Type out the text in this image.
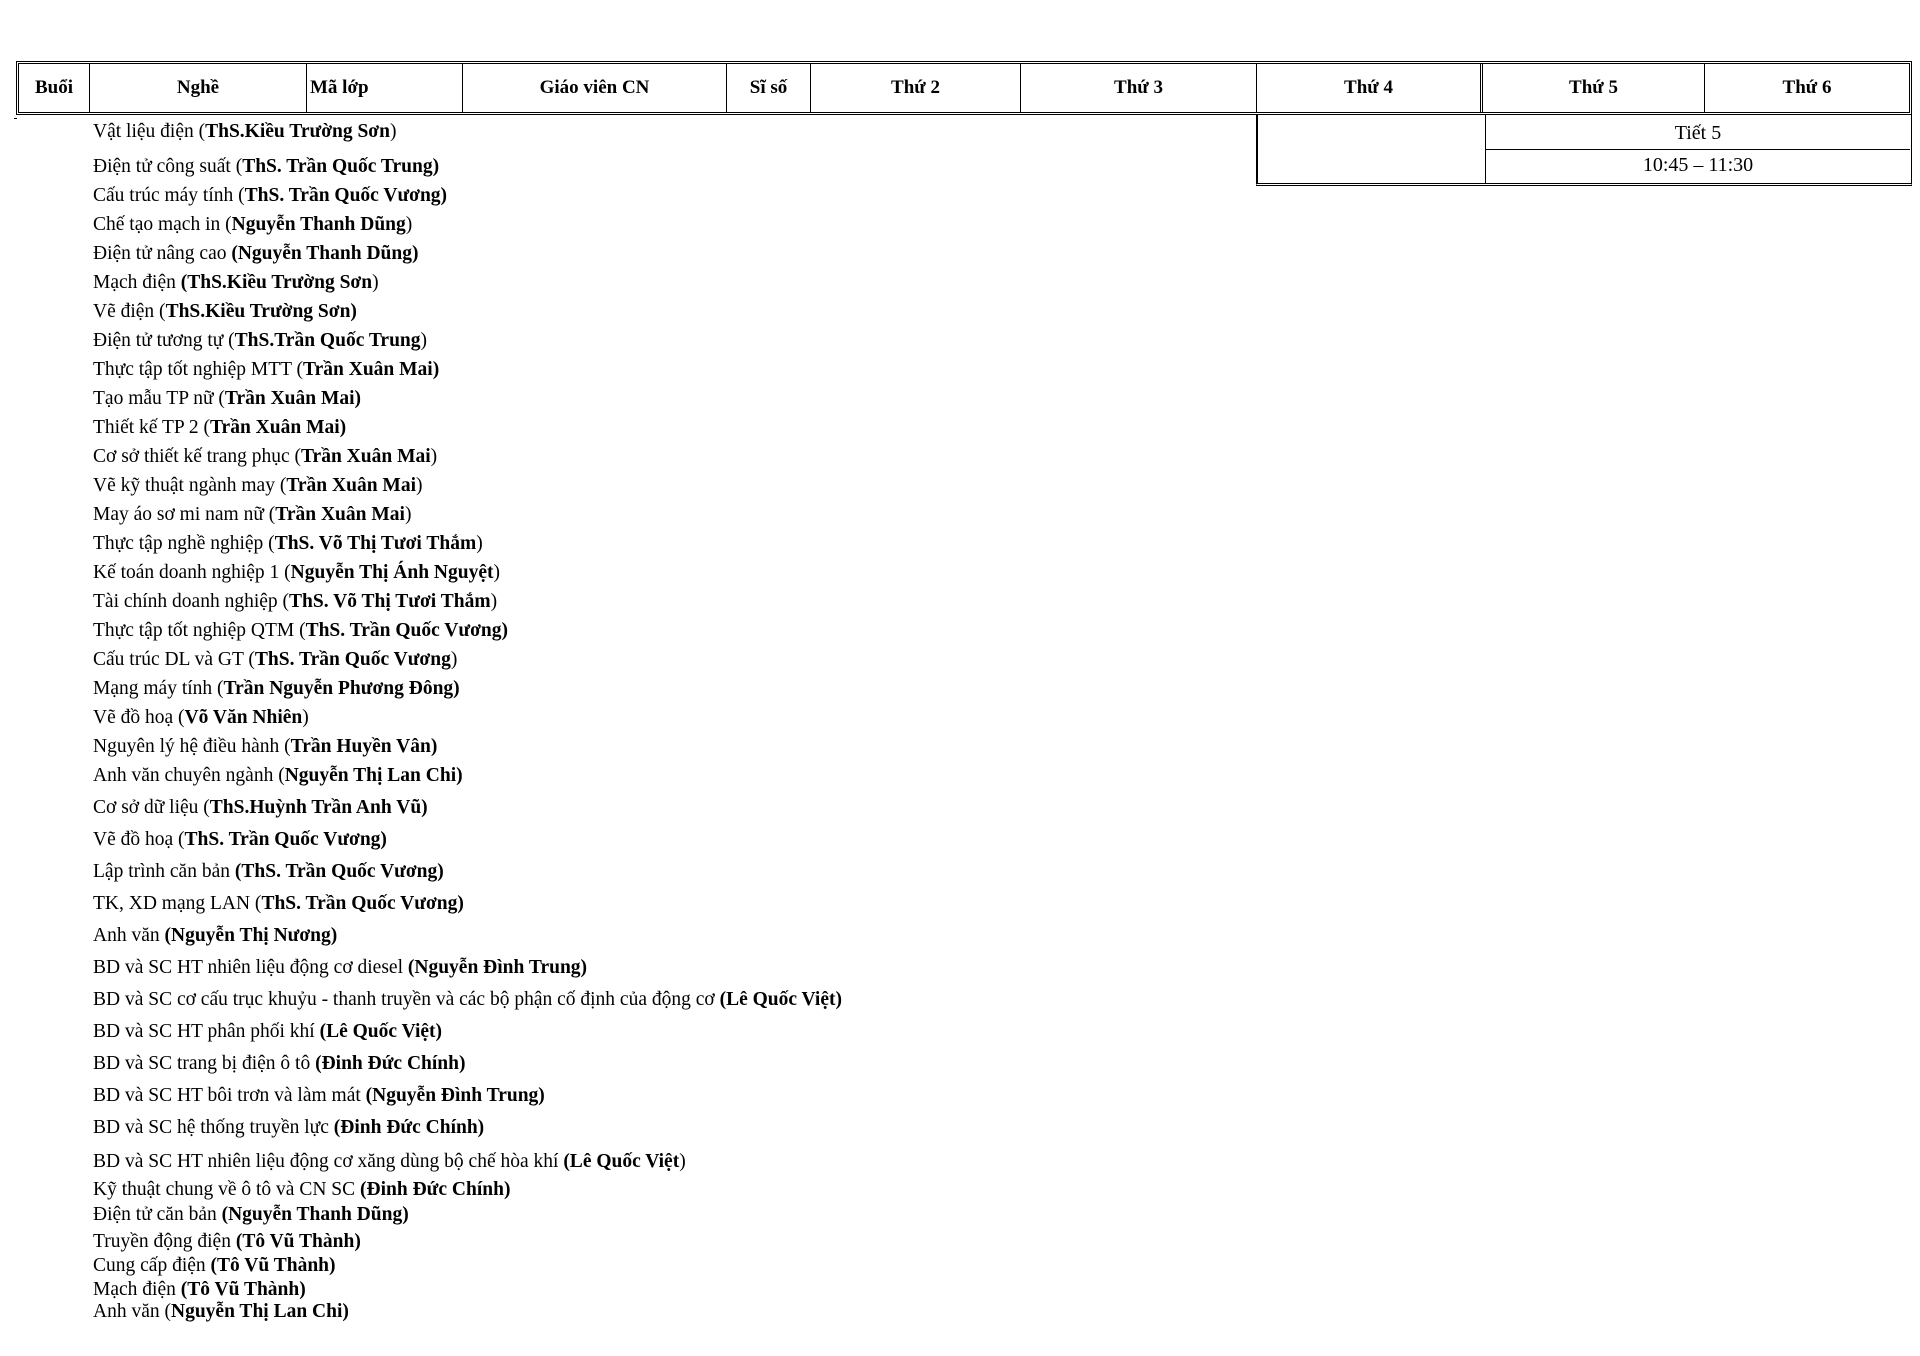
Buổi	Nghề	Mã lớp	Giáo viên CN	Sĩ số	Thứ 2	Thứ 3	Thứ 4	Thứ 5	Thứ 6
Tiết 5
10:45 – 11:30
Vật liệu điện (ThS.Kiều Trường Sơn)
Điện tử công suất (ThS. Trần Quốc Trung)
Cấu trúc máy tính (ThS. Trần Quốc Vương)
Chế tạo mạch in (Nguyễn Thanh Dũng)
Điện tử nâng cao (Nguyễn Thanh Dũng)
Mạch điện (ThS.Kiều Trường Sơn)
Vẽ điện (ThS.Kiều Trường Sơn)
Điện tử tương tự (ThS.Trần Quốc Trung)
Thực tập tốt nghiệp MTT (Trần Xuân Mai)
Tạo mẫu TP nữ (Trần Xuân Mai)
Thiết kế TP 2 (Trần Xuân Mai)
Cơ sở thiết kế trang phục (Trần Xuân Mai)
Vẽ kỹ thuật ngành may (Trần Xuân Mai)
May áo sơ mi nam nữ (Trần Xuân Mai)
Thực tập nghề nghiệp (ThS. Võ Thị Tươi Thắm)
Kế toán doanh nghiệp 1 (Nguyễn Thị Ánh Nguyệt)
Tài chính doanh nghiệp (ThS. Võ Thị Tươi Thắm)
Thực tập tốt nghiệp QTM (ThS. Trần Quốc Vương)
Cấu trúc DL và GT (ThS. Trần Quốc Vương)
Mạng máy tính (Trần Nguyễn Phương Đông)
Vẽ đồ hoạ (Võ Văn Nhiên)
Nguyên lý hệ điều hành (Trần Huyền Vân)
Anh văn chuyên ngành (Nguyễn Thị Lan Chi)
Cơ sở dữ liệu (ThS.Huỳnh Trần Anh Vũ)
Vẽ đồ hoạ (ThS. Trần Quốc Vương)
Lập trình căn bản (ThS. Trần Quốc Vương)
TK, XD mạng LAN (ThS. Trần Quốc Vương)
Anh văn (Nguyễn Thị Nương)
BD và SC HT nhiên liệu động cơ diesel (Nguyễn Đình Trung)
BD và SC cơ cấu trục khuỷu - thanh truyền và các bộ phận cố định của động cơ (Lê Quốc Việt)
BD và SC HT phân phối khí (Lê Quốc Việt)
BD và SC trang bị điện ô tô (Đinh Đức Chính)
BD và SC HT bôi trơn và làm mát (Nguyễn Đình Trung)
BD và SC hệ thống truyền lực (Đinh Đức Chính)
BD và SC HT nhiên liệu động cơ xăng dùng bộ chế hòa khí (Lê Quốc Việt)
Kỹ thuật chung về ô tô và CN SC (Đinh Đức Chính)
Điện tử căn bản (Nguyễn Thanh Dũng)
Truyền động điện (Tô Vũ Thành)
Cung cấp điện (Tô Vũ Thành)
Mạch điện (Tô Vũ Thành)
Anh văn (Nguyễn Thị Lan Chi)
